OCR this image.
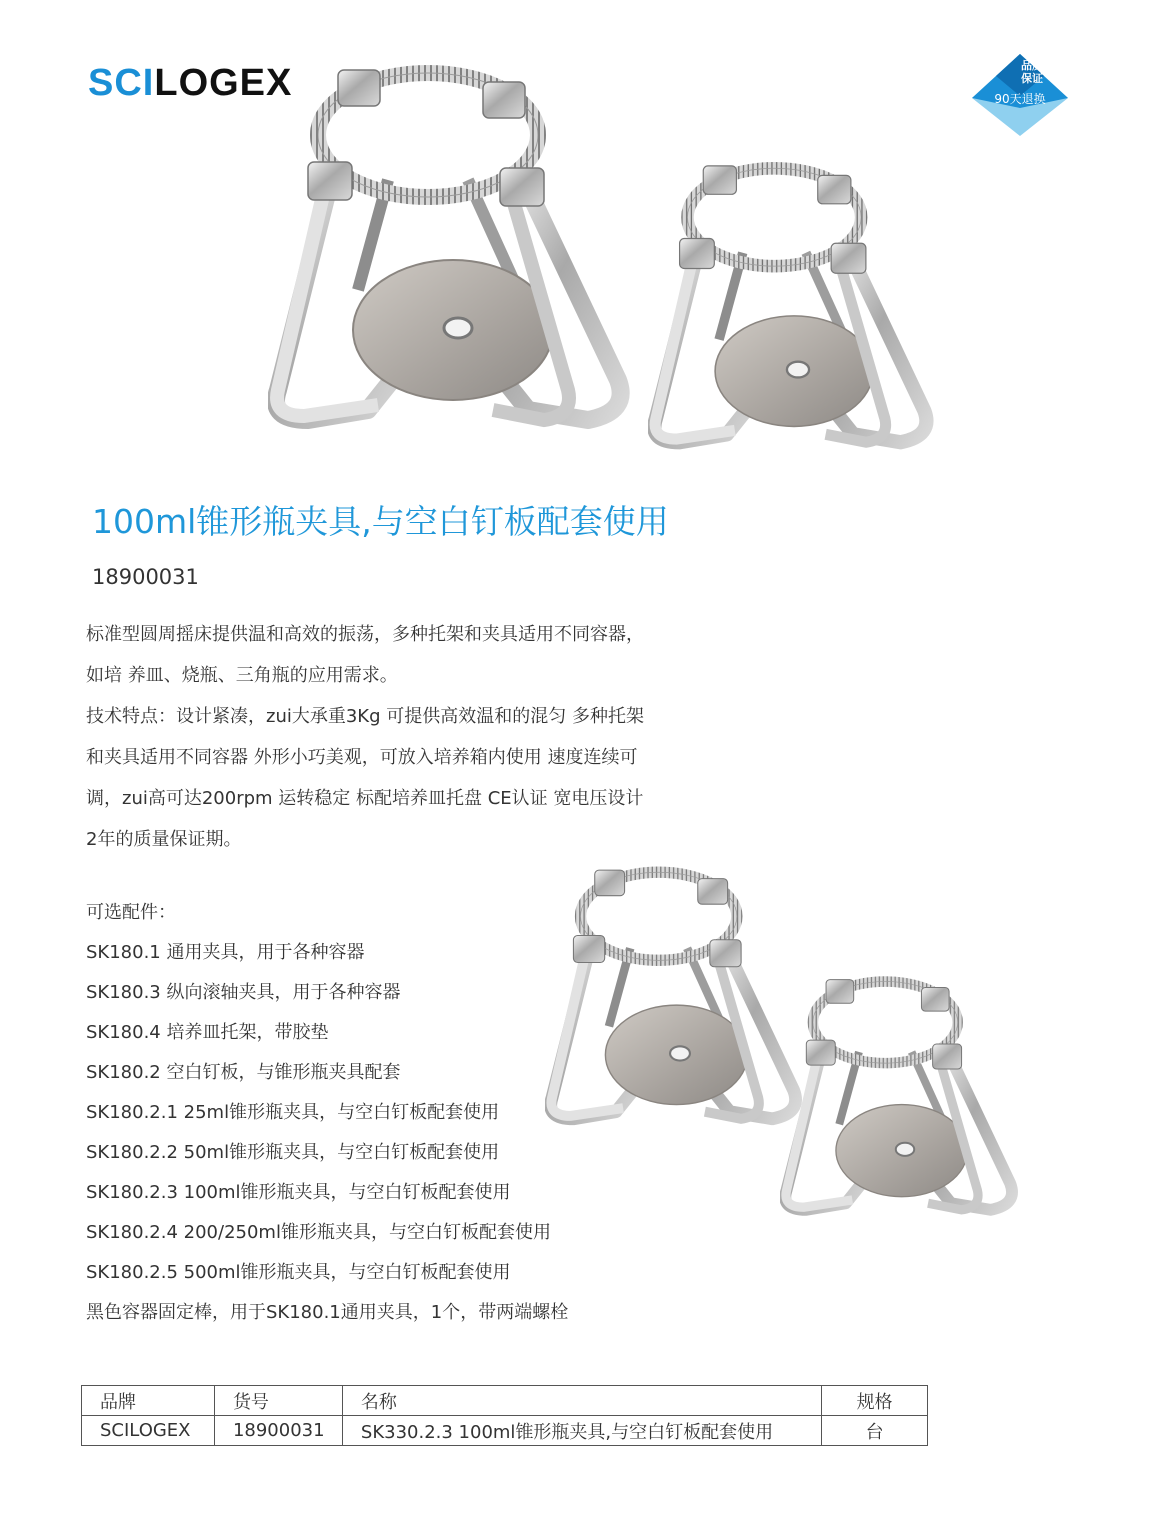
SCILOGEX	品质
保证
90天退换
100ml锥形瓶夹具,与空白钉板配套使用
18900031

标准型圆周摇床提供温和高效的振荡，多种托架和夹具适用不同容器，

如培 养皿、烧瓶、三角瓶的应用需求。

技术特点：设计紧凑，zui大承重3Kg 可提供高效温和的混匀 多种托架

和夹具适用不同容器 外形小巧美观，可放入培养箱内使用 速度连续可

调，zui高可达200rpm 运转稳定 标配培养皿托盘 CE认证 宽电压设计

2年的质量保证期。

可选配件：

SK180.1 通用夹具，用于各种容器

SK180.3 纵向滚轴夹具，用于各种容器

SK180.4 培养皿托架，带胶垫

SK180.2 空白钉板，与锥形瓶夹具配套

SK180.2.1 25ml锥形瓶夹具，与空白钉板配套使用

SK180.2.2 50ml锥形瓶夹具，与空白钉板配套使用

SK180.2.3 100ml锥形瓶夹具，与空白钉板配套使用

SK180.2.4 200/250ml锥形瓶夹具，与空白钉板配套使用

SK180.2.5 500ml锥形瓶夹具，与空白钉板配套使用

黑色容器固定棒，用于SK180.1通用夹具，1个，带两端螺栓

品牌	货号	名称	规格
SCILOGEX	18900031	SK330.2.3 100ml锥形瓶夹具,与空白钉板配套使用	台
